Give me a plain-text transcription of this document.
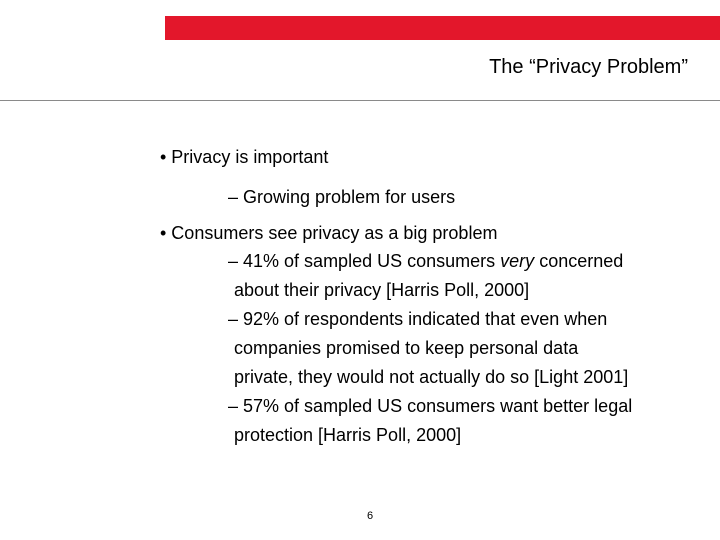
The “Privacy Problem”
• Privacy is important
– Growing problem for users
• Consumers see privacy as a big problem
– 41% of sampled US consumers very concerned
about their privacy [Harris Poll, 2000]
– 92% of respondents indicated that even when
companies promised to keep personal data
private, they would not actually do so [Light 2001]
– 57% of sampled US consumers want better legal
protection [Harris Poll, 2000]
6
